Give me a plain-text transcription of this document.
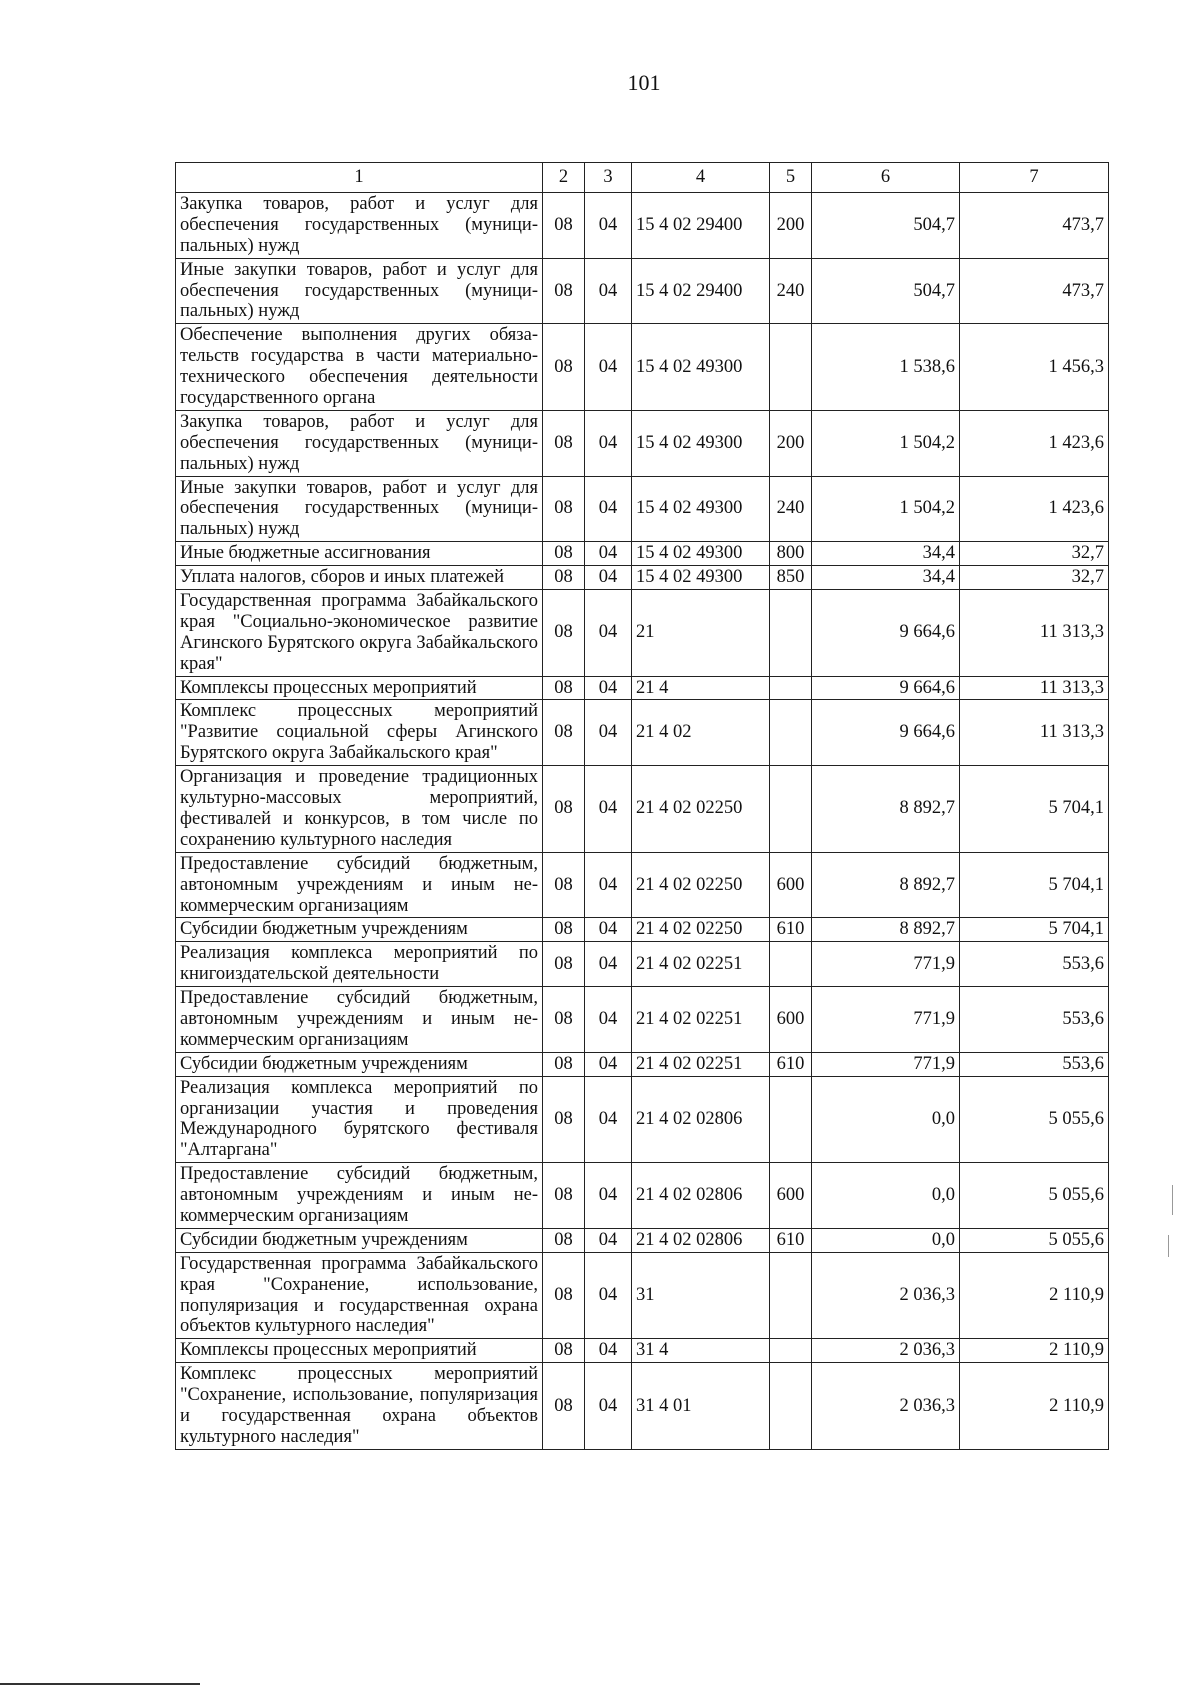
101
1	2	3	4	5	6	7
Закупка товаров, работ и услуг для обеспечения государственных (муниципальных) нужд	08	04	15 4 02 29400	200	504,7	473,7
Иные закупки товаров, работ и услуг для обеспечения государственных (муниципальных) нужд	08	04	15 4 02 29400	240	504,7	473,7
Обеспечение выполнения других обязательств государства в части материально-технического обеспечения деятельности государственного органа	08	04	15 4 02 49300		1 538,6	1 456,3
Закупка товаров, работ и услуг для обеспечения государственных (муниципальных) нужд	08	04	15 4 02 49300	200	1 504,2	1 423,6
Иные закупки товаров, работ и услуг для обеспечения государственных (муниципальных) нужд	08	04	15 4 02 49300	240	1 504,2	1 423,6
Иные бюджетные ассигнования	08	04	15 4 02 49300	800	34,4	32,7
Уплата налогов, сборов и иных платежей	08	04	15 4 02 49300	850	34,4	32,7
Государственная программа Забайкальского края "Социально-экономическое развитие Агинского Бурятского округа Забайкальского края"	08	04	21		9 664,6	11 313,3
Комплексы процессных мероприятий	08	04	21 4		9 664,6	11 313,3
Комплекс процессных мероприятий "Развитие социальной сферы Агинского Бурятского округа Забайкальского края"	08	04	21 4 02		9 664,6	11 313,3
Организация и проведение традиционных культурно-массовых мероприятий, фестивалей и конкурсов, в том числе по сохранению культурного наследия	08	04	21 4 02 02250		8 892,7	5 704,1
Предоставление субсидий бюджетным, автономным учреждениям и иным некоммерческим организациям	08	04	21 4 02 02250	600	8 892,7	5 704,1
Субсидии бюджетным учреждениям	08	04	21 4 02 02250	610	8 892,7	5 704,1
Реализация комплекса мероприятий по книгоиздательской деятельности	08	04	21 4 02 02251		771,9	553,6
Предоставление субсидий бюджетным, автономным учреждениям и иным некоммерческим организациям	08	04	21 4 02 02251	600	771,9	553,6
Субсидии бюджетным учреждениям	08	04	21 4 02 02251	610	771,9	553,6
Реализация комплекса мероприятий по организации участия и проведения Международного бурятского фестиваля "Алтаргана"	08	04	21 4 02 02806		0,0	5 055,6
Предоставление субсидий бюджетным, автономным учреждениям и иным некоммерческим организациям	08	04	21 4 02 02806	600	0,0	5 055,6
Субсидии бюджетным учреждениям	08	04	21 4 02 02806	610	0,0	5 055,6
Государственная программа Забайкальского края "Сохранение, использование, популяризация и государственная охрана объектов культурного наследия"	08	04	31		2 036,3	2 110,9
Комплексы процессных мероприятий	08	04	31 4		2 036,3	2 110,9
Комплекс процессных мероприятий "Сохранение, использование, популяризация и государственная охрана объектов культурного наследия"	08	04	31 4 01		2 036,3	2 110,9
